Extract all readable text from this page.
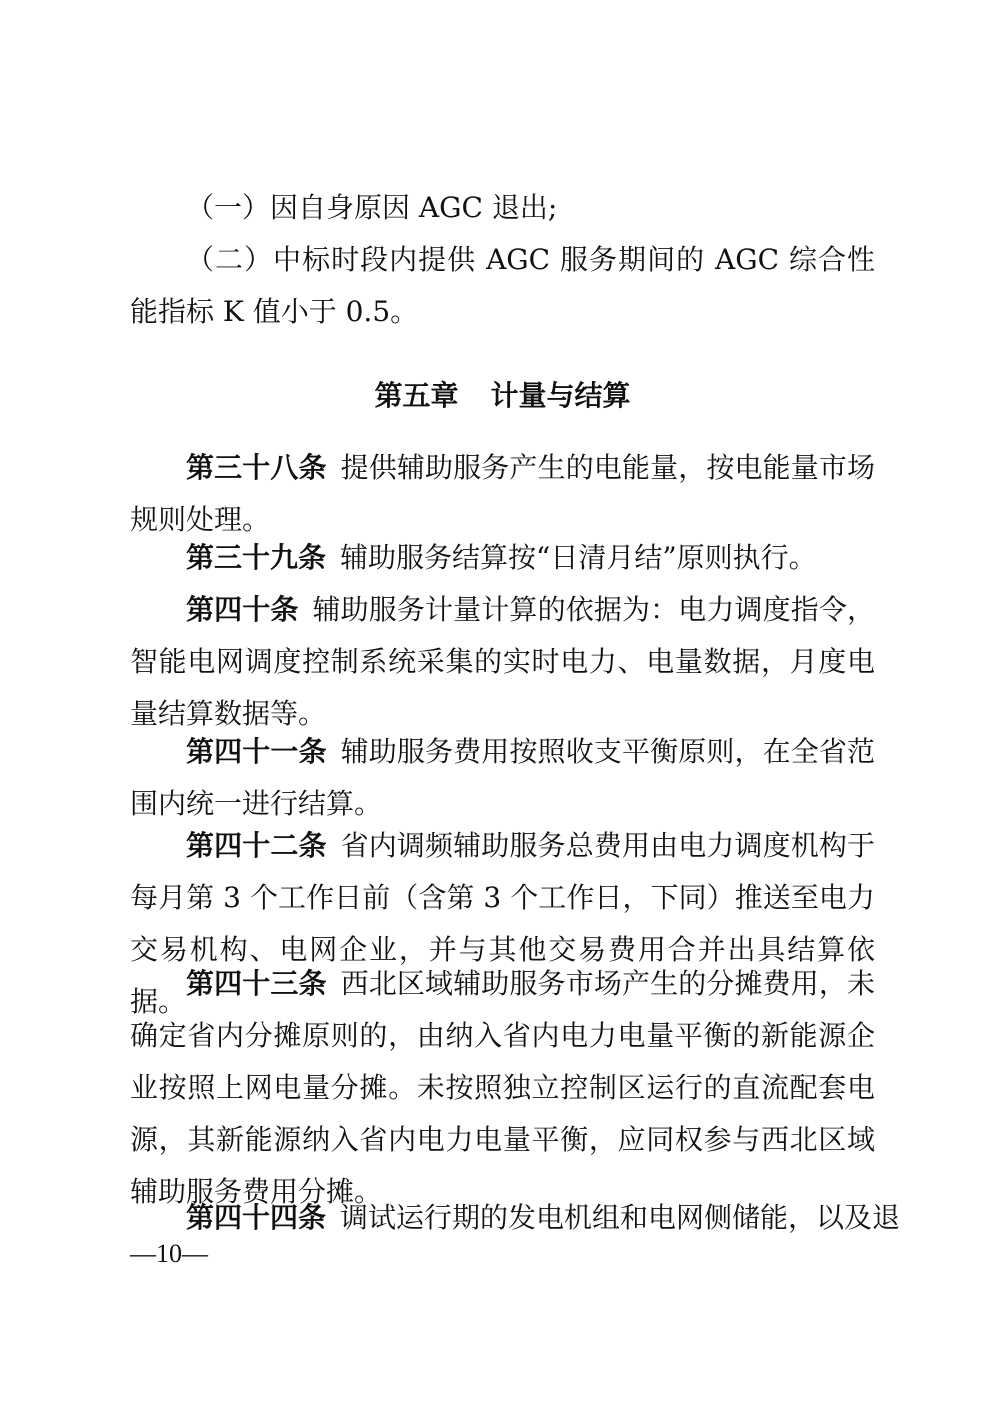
（一）因自身原因 AGC 退出;

（二）中标时段内提供 AGC 服务期间的 AGC 综合性能指标 K 值小于 0.5。

第五章 计量与结算

第三十八条 提供辅助服务产生的电能量，按电能量市场规则处理。

第三十九条 辅助服务结算按“日清月结”原则执行。

第四十条 辅助服务计量计算的依据为：电力调度指令，智能电网调度控制系统采集的实时电力、电量数据，月度电量结算数据等。

第四十一条 辅助服务费用按照收支平衡原则，在全省范围内统一进行结算。

第四十二条 省内调频辅助服务总费用由电力调度机构于每月第 3 个工作日前（含第 3 个工作日，下同）推送至电力交易机构、电网企业，并与其他交易费用合并出具结算依据。

第四十三条 西北区域辅助服务市场产生的分摊费用，未确定省内分摊原则的，由纳入省内电力电量平衡的新能源企业按照上网电量分摊。未按照独立控制区运行的直流配套电源，其新能源纳入省内电力电量平衡，应同权参与西北区域辅助服务费用分摊。

第四十四条 调试运行期的发电机组和电网侧储能，以及退

—10—
